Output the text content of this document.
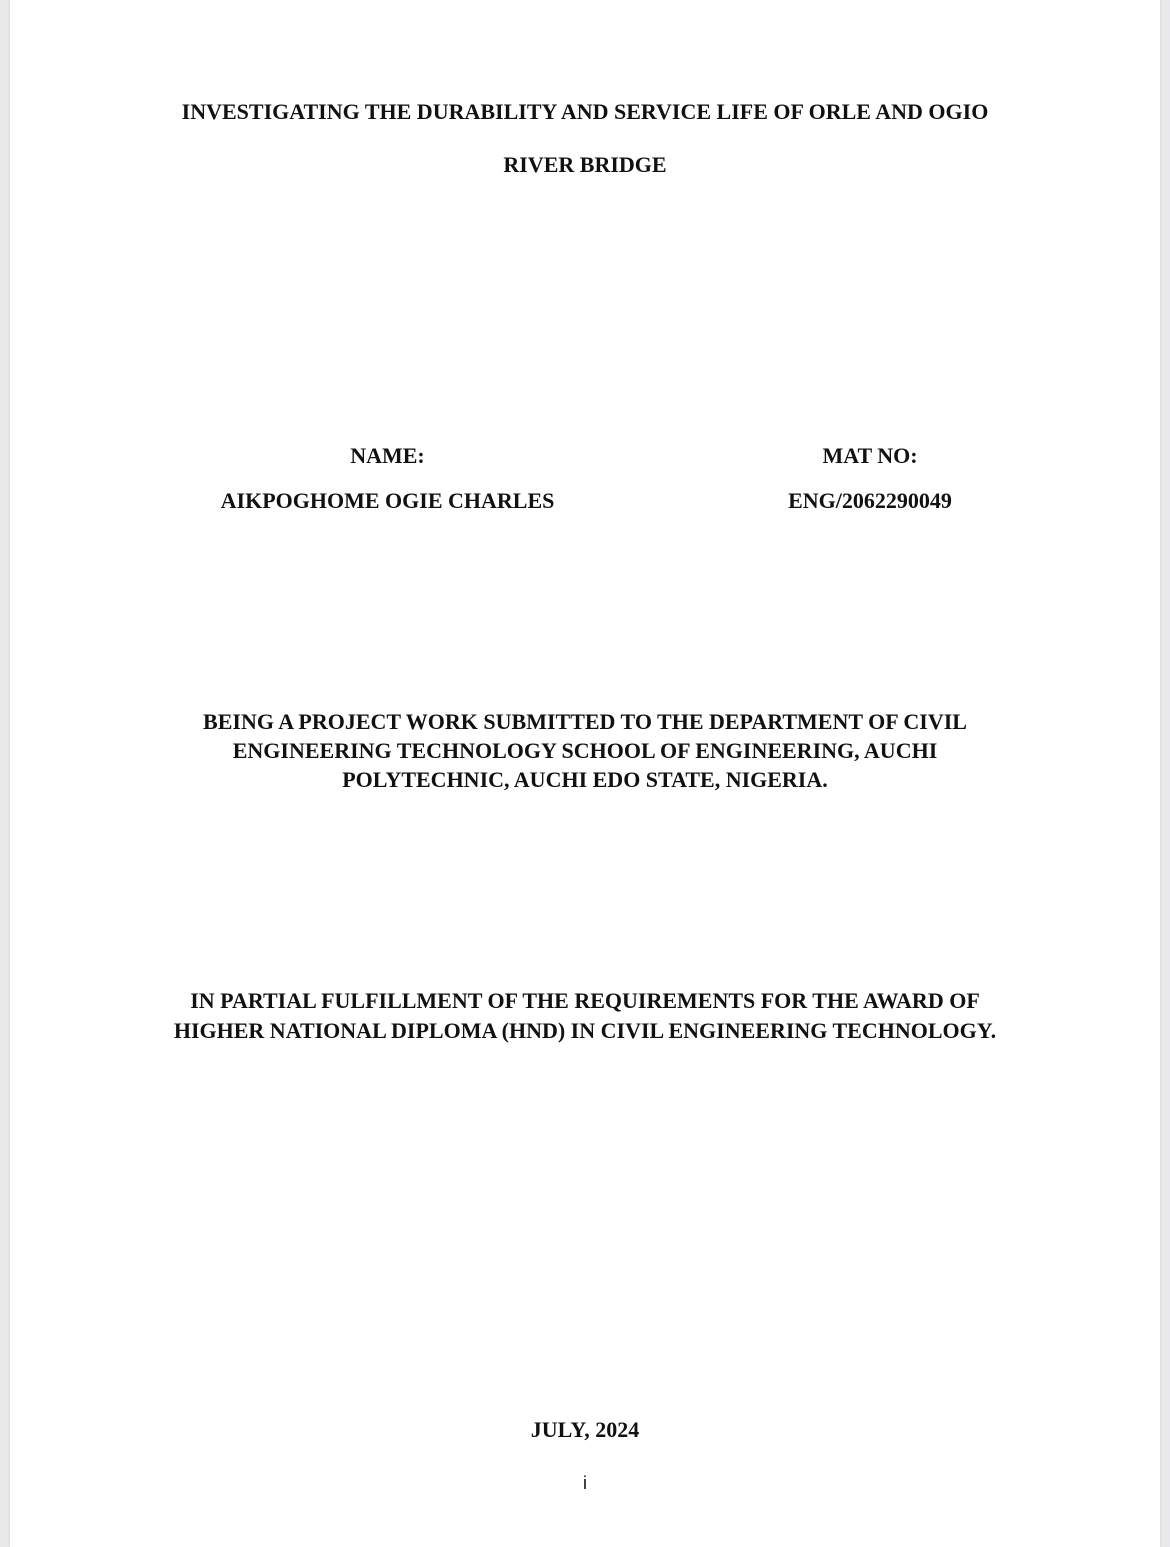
INVESTIGATING THE DURABILITY AND SERVICE LIFE OF ORLE AND OGIO
RIVER BRIDGE
NAME:
AIKPOGHOME OGIE CHARLES
MAT NO:
ENG/2062290049
BEING A PROJECT WORK SUBMITTED TO THE DEPARTMENT OF CIVIL
ENGINEERING TECHNOLOGY SCHOOL OF ENGINEERING, AUCHI
POLYTECHNIC, AUCHI EDO STATE, NIGERIA.
IN PARTIAL FULFILLMENT OF THE REQUIREMENTS FOR THE AWARD OF
HIGHER NATIONAL DIPLOMA (HND) IN CIVIL ENGINEERING TECHNOLOGY.
JULY, 2024
i
